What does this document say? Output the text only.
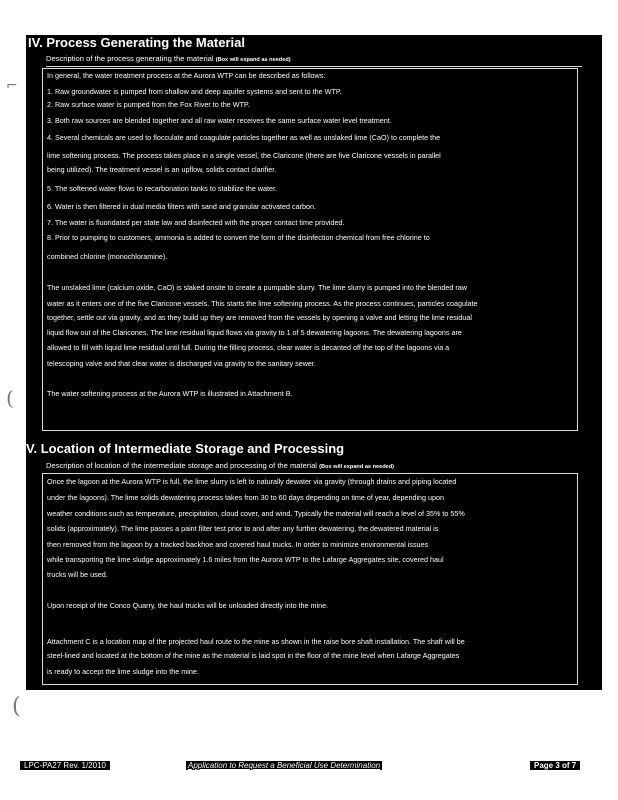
IV. Process Generating the Material
Description of the process generating the material (Box will expand as needed)
In general, the water treatment process at the Aurora WTP can be described as follows:
1. Raw groundwater is pumped from shallow and deep aquifer systems and sent to the WTP.
2. Raw surface water is pumped from the Fox River to the WTP.
3. Both raw sources are blended together and all raw water receives the same surface water level treatment.
4. Several chemicals are used to flocculate and coagulate particles together as well as unslaked lime (CaO) to complete the
lime softening process. The process takes place in a single vessel, the Claricone (there are five Claricone vessels in parallel
being utilized). The treatment vessel is an upflow, solids contact clarifier.
5. The softened water flows to recarbonation tanks to stabilize the water.
6. Water is then filtered in dual media filters with sand and granular activated carbon.
7. The water is fluoridated per state law and disinfected with the proper contact time provided.
8. Prior to pumping to customers, ammonia is added to convert the form of the disinfection chemical from free chlorine to
combined chlorine (monochloramine).
The unslaked lime (calcium oxide, CaO) is slaked onsite to create a pumpable slurry. The lime slurry is pumped into the blended raw
water as it enters one of the five Claricone vessels. This starts the lime softening process. As the process continues, particles coagulate
together, settle out via gravity, and as they build up they are removed from the vessels by opening a valve and letting the lime residual
liquid flow out of the Claricones. The lime residual liquid flows via gravity to 1 of 5 dewatering lagoons. The dewatering lagoons are
allowed to fill with liquid lime residual until full. During the filling process, clear water is decanted off the top of the lagoons via a
telescoping valve and that clear water is discharged via gravity to the sanitary sewer.
The water softening process at the Aurora WTP is illustrated in Attachment B.
V. Location of Intermediate Storage and Processing
Description of location of the intermediate storage and processing of the material (Box will expand as needed)
Once the lagoon at the Aurora WTP is full, the lime slurry is left to naturally dewater via gravity (through drains and piping located
under the lagoons). The lime solids dewatering process takes from 30 to 60 days depending on time of year, depending upon
weather conditions such as temperature, precipitation, cloud cover, and wind. Typically the material will reach a level of 35% to 55%
solids (approximately). The lime passes a paint filter test prior to and after any further dewatering, the dewatered material is
then removed from the lagoon by a tracked backhoe and covered haul trucks. In order to minimize environmental issues
while transporting the lime sludge approximately 1.6 miles from the Aurora WTP to the Lafarge Aggregates site, covered haul
trucks will be used.
Upon receipt of the Conco Quarry, the haul trucks will be unloaded directly into the mine.
Attachment C is a location map of the projected haul route to the mine as shown in the raise bore shaft installation. The shaft will be
steel-lined and located at the bottom of the mine as the material is laid spot in the floor of the mine level when Lafarge Aggregates
is ready to accept the lime sludge into the mine.
⌐
(
(
LPC-PA27 Rev. 1/2010	Application to Request a Beneficial Use Determination	Page 3 of 7
